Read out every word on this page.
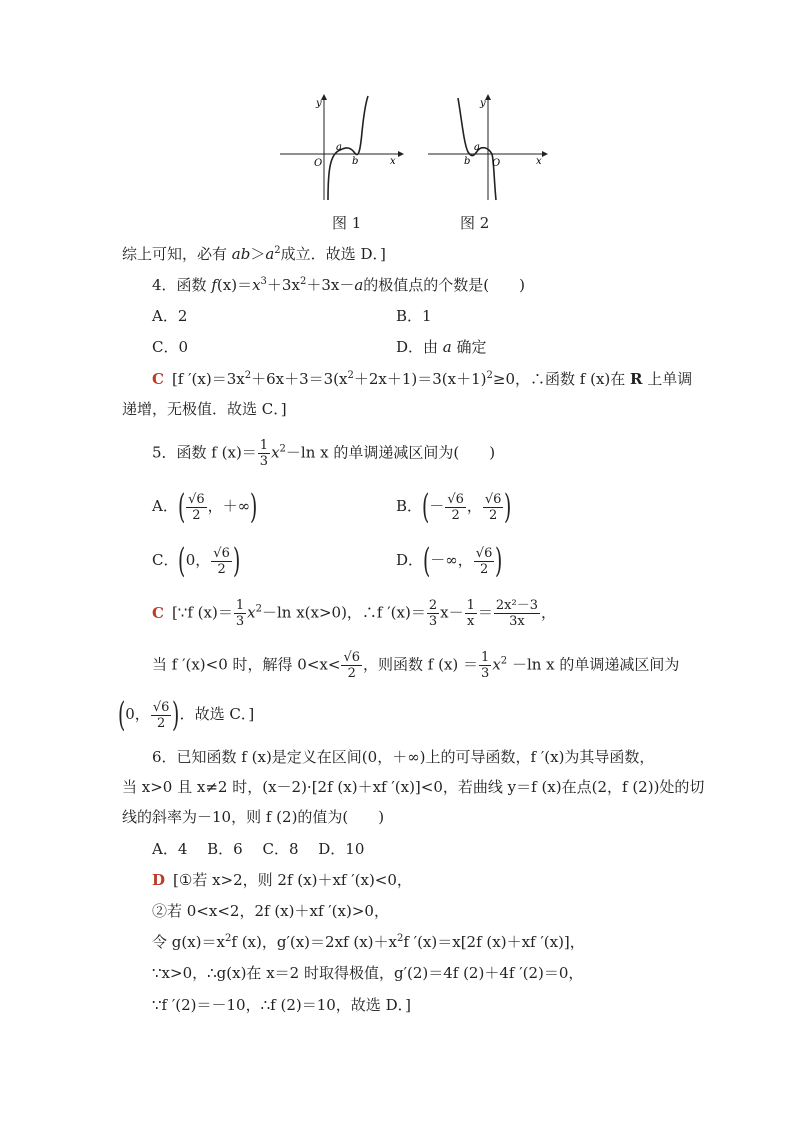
y
x
O
a
b
图 1
y
x
O
a
b
图 2
综上可知，必有 $ab>a^2$成立．故选 D．]
4．函数 $f(x)=x^3+3x^2+3x-a$的极值点的个数是(　　)
A．2	B．1
C．0	D．由 a 确定
C [f $'(x)=3x^2+6x+3=3(x^2+2x+1)=3(x+1)^2\ge 0$，∴函数 f (x)在 R 上单调
递增，无极值．故选 C．]
5．函数 f $(x)= \frac{1}{3} x^2-\ln$ x 的单调递减区间为(　　)
A．( $\frac{√6}{2}$ ，＋∞)	B．(－ $\frac{√6}{2}$ ， $\frac{√6}{2}$ )
C．(0， $\frac{√6}{2}$ )	D．(－∞， $\frac{√6}{2}$ )
C [∵f $(x)= \frac{1}{3} x^2-\ln$ x(x>0)，∴f $'(x)= \frac{2}{3} x- \frac{1}{x} = \frac{\text{2x²－3}}{3x}$ ，
当 f ′(x)<0 时，解得 $0<x< \frac{√6}{2}$ ，则函数 f $(x) = \frac{1}{3} x^2 -\ln$ x 的单调递减区间为
(0， $\frac{√6}{2}$ )．故选 C．]
6．已知函数 f (x)是定义在区间(0，＋∞)上的可导函数，f ′(x)为其导函数，
当 x>0 且 x≠2 时，(x－2)·[2f (x)＋xf ′(x)]<0，若曲线 y＝f (x)在点(2，f (2))处的切
线的斜率为－10，则 f (2)的值为(　　)
A．4　 B．6　 C．8　 D．10
D [①若 x>2，则 2f (x)＋xf ′(x)<0，
②若 0<x<2，2f (x)＋xf ′(x)>0，
令 $g(x)=x^2f$ (x)，g′(x)＝2xf $(x)+x^2f$ ′(x)＝x[2f (x)＋xf ′(x)]，
∵x>0，∴g(x)在 x＝2 时取得极值，g′(2)＝4f (2)＋4f ′(2)＝0，
∵f ′(2)＝－10，∴f (2)＝10，故选 D．]
